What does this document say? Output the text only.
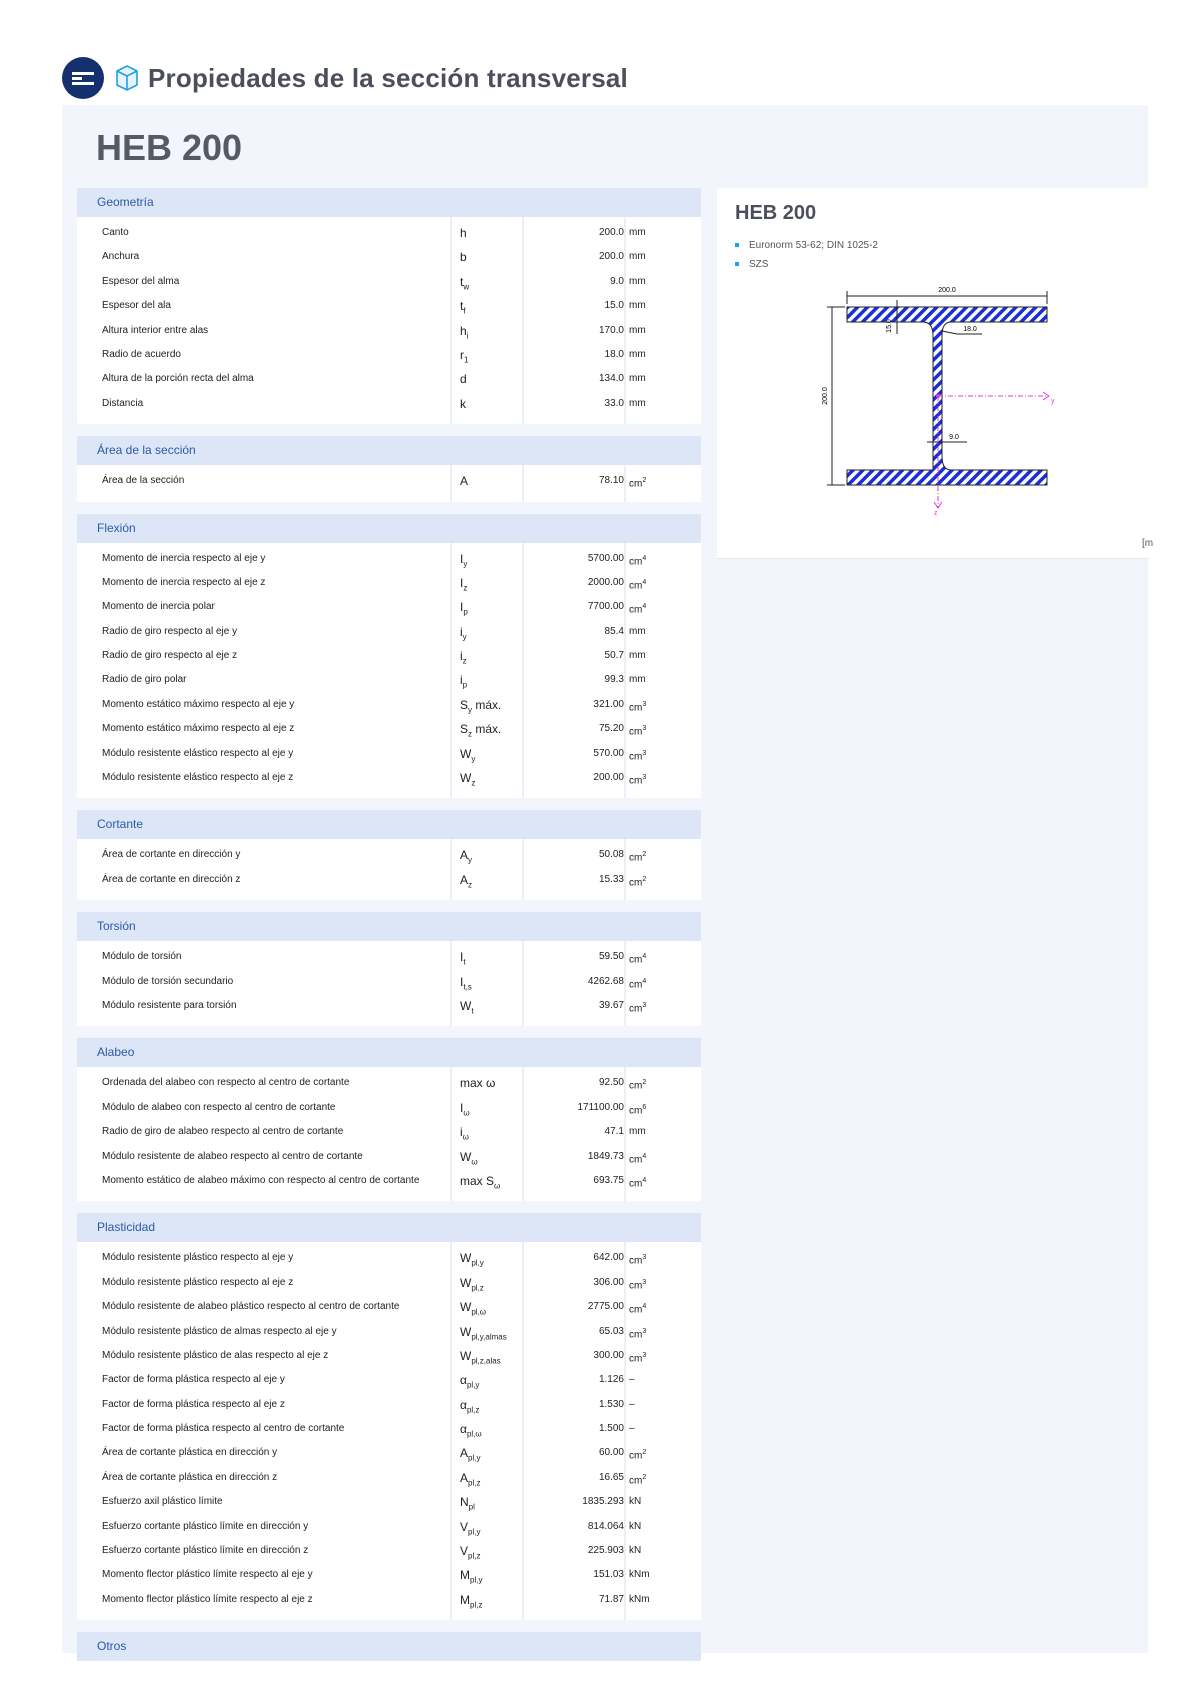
Propiedades de la sección transversal
HEB 200
Geometría
Canto	h	200.0 mm
Anchura	b	200.0 mm
Espesor del alma	$t_w$	9.0 mm
Espesor del ala	$t_f$	15.0 mm
Altura interior entre alas	$h_i$	170.0 mm
Radio de acuerdo	$r_1$	18.0 mm
Altura de la porción recta del alma	d	134.0 mm
Distancia	k	33.0 mm
Área de la sección
Área de la sección	A	78.10 $cm^2$
Flexión
Momento de inercia respecto al eje y	$I_y$	5700.00 $cm^4$
Momento de inercia respecto al eje z	$I_z$	2000.00 $cm^4$
Momento de inercia polar	$I_p$	7700.00 $cm^4$
Radio de giro respecto al eje y	$i_y$	85.4 mm
Radio de giro respecto al eje z	$i_z$	50.7 mm
Radio de giro polar	$i_p$	99.3 mm
Momento estático máximo respecto al eje y	$S_y$ máx.	321.00 $cm^3$
Momento estático máximo respecto al eje z	$S_z$ máx.	75.20 $cm^3$
Módulo resistente elástico respecto al eje y	$W_y$	570.00 $cm^3$
Módulo resistente elástico respecto al eje z	$W_z$	200.00 $cm^3$
Cortante
Área de cortante en dirección y	$A_y$	50.08 $cm^2$
Área de cortante en dirección z	$A_z$	15.33 $cm^2$
Torsión
Módulo de torsión	$I_t$	59.50 $cm^4$
Módulo de torsión secundario	$I_{t,s}$	4262.68 $cm^4$
Módulo resistente para torsión	$W_t$	39.67 $cm^3$
Alabeo
Ordenada del alabeo con respecto al centro de cortante	max ω	92.50 $cm^2$
Módulo de alabeo con respecto al centro de cortante	$I_\omega$	171100.00 $cm^6$
Radio de giro de alabeo respecto al centro de cortante	$i_\omega$	47.1 mm
Módulo resistente de alabeo respecto al centro de cortante	$W_\omega$	1849.73 $cm^4$
Momento estático de alabeo máximo con respecto al centro de cortante	$\max S_\omega$	693.75 $cm^4$
Plasticidad
Módulo resistente plástico respecto al eje y	$W_{pl,y}$	642.00 $cm^3$
Módulo resistente plástico respecto al eje z	$W_{pl,z}$	306.00 $cm^3$
Módulo resistente de alabeo plástico respecto al centro de cortante	$W_{pl,\omega}$	2775.00 $cm^4$
Módulo resistente plástico de almas respecto al eje y	$W_{pl,y,almas}$	65.03 $cm^3$
Módulo resistente plástico de alas respecto al eje z	$W_{pl,z,alas}$	300.00 $cm^3$
Factor de forma plástica respecto al eje y	$\alpha_{pl,y}$	1.126 –
Factor de forma plástica respecto al eje z	$\alpha_{pl,z}$	1.530 –
Factor de forma plástica respecto al centro de cortante	$\alpha_{pl,\omega}$	1.500 –
Área de cortante plástica en dirección y	$A_{pl,y}$	60.00 $cm^2$
Área de cortante plástica en dirección z	$A_{pl,z}$	16.65 $cm^2$
Esfuerzo axil plástico límite	$N_{pl}$	1835.293 kN
Esfuerzo cortante plástico límite en dirección y	$V_{pl,y}$	814.064 kN
Esfuerzo cortante plástico límite en dirección z	$V_{pl,z}$	225.903 kN
Momento flector plástico límite respecto al eje y	$M_{pl,y}$	151.03 kNm
Momento flector plástico límite respecto al eje z	$M_{pl,z}$	71.87 kNm
Otros
HEB 200
Euronorm 53-62; DIN 1025-2
SZS
200.0
200.0
15.0	18.0
9.0
y
z
[m
